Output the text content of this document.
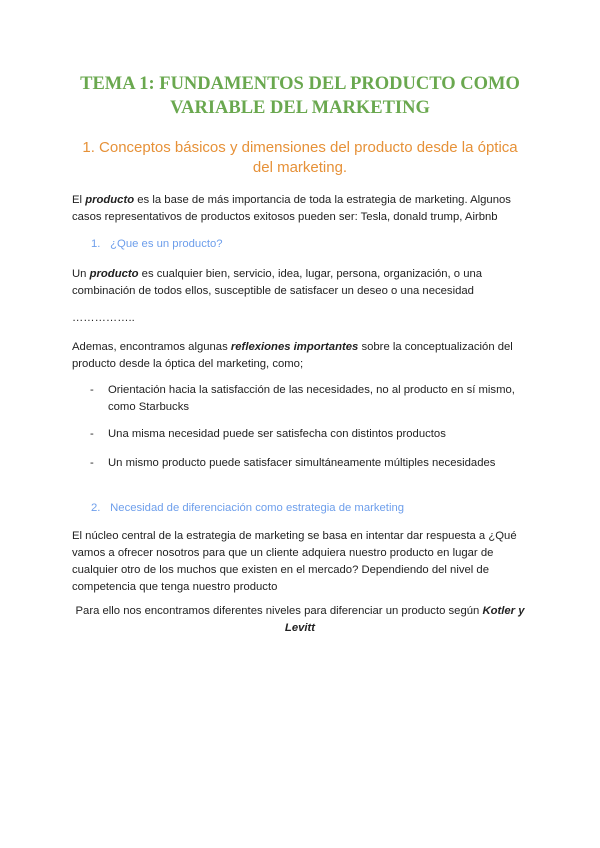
TEMA 1: FUNDAMENTOS DEL PRODUCTO COMO
VARIABLE DEL MARKETING
1. Conceptos básicos y dimensiones del producto desde la óptica
del marketing.
El producto es la base de más importancia de toda la estrategia de marketing. Algunos casos representativos de productos exitosos pueden ser: Tesla, donald trump, Airbnb
1. ¿Que es un producto?
Un producto es cualquier bien, servicio, idea, lugar, persona, organización, o una combinación de todos ellos, susceptible de satisfacer un deseo o una necesidad
……………..
Ademas, encontramos algunas reflexiones importantes sobre la conceptualización del producto desde la óptica del marketing, como;
- Orientación hacia la satisfacción de las necesidades, no al producto en sí mismo, como Starbucks
- Una misma necesidad puede ser satisfecha con distintos productos
- Un mismo producto puede satisfacer simultáneamente múltiples necesidades
2. Necesidad de diferenciación como estrategia de marketing
El núcleo central de la estrategia de marketing se basa en intentar dar respuesta a ¿Qué vamos a ofrecer nosotros para que un cliente adquiera nuestro producto en lugar de cualquier otro de los muchos que existen en el mercado? Dependiendo del nivel de competencia que tenga nuestro producto
Para ello nos encontramos diferentes niveles para diferenciar un producto según Kotler y Levitt
